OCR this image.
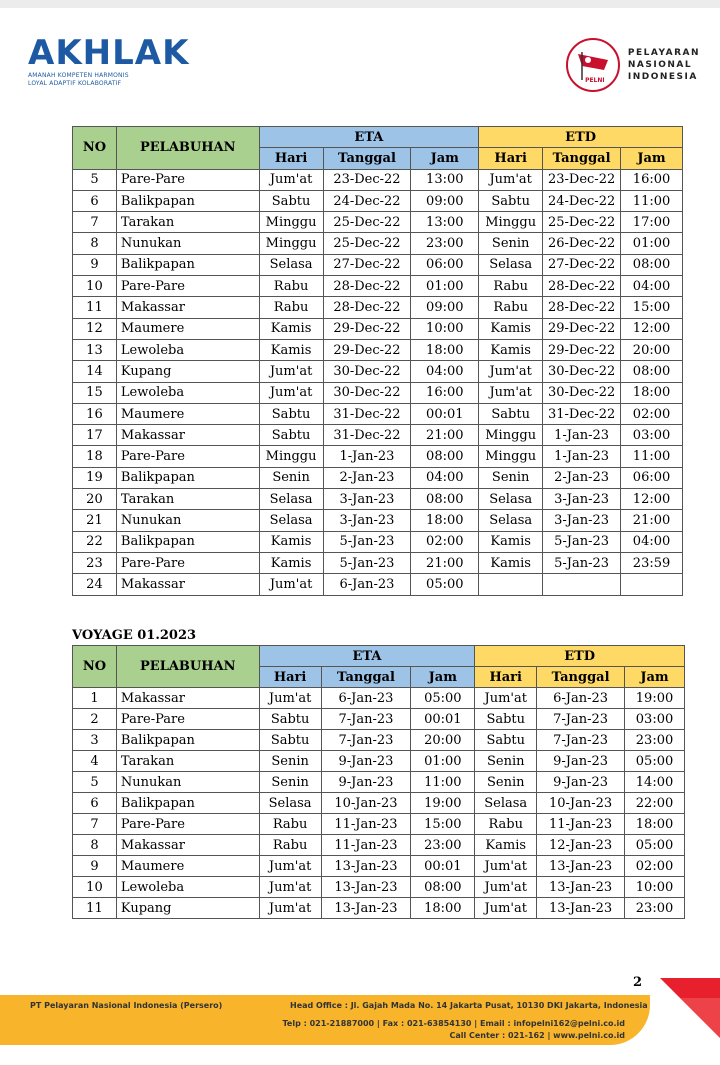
AKHLAK
AMANAH KOMPETEN HARMONIS
LOYAL ADAPTIF KOLABORATIF	PELNI
PELAYARAN
NASIONAL
INDONESIA
NO	PELABUHAN	ETA			ETD		
		Hari	Tanggal	Jam	Hari	Tanggal	Jam
5	Pare-Pare	Jum'at	23-Dec-22	13:00	Jum'at	23-Dec-22	16:00
6	Balikpapan	Sabtu	24-Dec-22	09:00	Sabtu	24-Dec-22	11:00
7	Tarakan	Minggu	25-Dec-22	13:00	Minggu	25-Dec-22	17:00
8	Nunukan	Minggu	25-Dec-22	23:00	Senin	26-Dec-22	01:00
9	Balikpapan	Selasa	27-Dec-22	06:00	Selasa	27-Dec-22	08:00
10	Pare-Pare	Rabu	28-Dec-22	01:00	Rabu	28-Dec-22	04:00
11	Makassar	Rabu	28-Dec-22	09:00	Rabu	28-Dec-22	15:00
12	Maumere	Kamis	29-Dec-22	10:00	Kamis	29-Dec-22	12:00
13	Lewoleba	Kamis	29-Dec-22	18:00	Kamis	29-Dec-22	20:00
14	Kupang	Jum'at	30-Dec-22	04:00	Jum'at	30-Dec-22	08:00
15	Lewoleba	Jum'at	30-Dec-22	16:00	Jum'at	30-Dec-22	18:00
16	Maumere	Sabtu	31-Dec-22	00:01	Sabtu	31-Dec-22	02:00
17	Makassar	Sabtu	31-Dec-22	21:00	Minggu	1-Jan-23	03:00
18	Pare-Pare	Minggu	1-Jan-23	08:00	Minggu	1-Jan-23	11:00
19	Balikpapan	Senin	2-Jan-23	04:00	Senin	2-Jan-23	06:00
20	Tarakan	Selasa	3-Jan-23	08:00	Selasa	3-Jan-23	12:00
21	Nunukan	Selasa	3-Jan-23	18:00	Selasa	3-Jan-23	21:00
22	Balikpapan	Kamis	5-Jan-23	02:00	Kamis	5-Jan-23	04:00
23	Pare-Pare	Kamis	5-Jan-23	21:00	Kamis	5-Jan-23	23:59
24	Makassar	Jum'at	6-Jan-23	05:00			
VOYAGE 01.2023
NO	PELABUHAN	ETA			ETD		
		Hari	Tanggal	Jam	Hari	Tanggal	Jam
1	Makassar	Jum'at	6-Jan-23	05:00	Jum'at	6-Jan-23	19:00
2	Pare-Pare	Sabtu	7-Jan-23	00:01	Sabtu	7-Jan-23	03:00
3	Balikpapan	Sabtu	7-Jan-23	20:00	Sabtu	7-Jan-23	23:00
4	Tarakan	Senin	9-Jan-23	01:00	Senin	9-Jan-23	05:00
5	Nunukan	Senin	9-Jan-23	11:00	Senin	9-Jan-23	14:00
6	Balikpapan	Selasa	10-Jan-23	19:00	Selasa	10-Jan-23	22:00
7	Pare-Pare	Rabu	11-Jan-23	15:00	Rabu	11-Jan-23	18:00
8	Makassar	Rabu	11-Jan-23	23:00	Kamis	12-Jan-23	05:00
9	Maumere	Jum'at	13-Jan-23	00:01	Jum'at	13-Jan-23	02:00
10	Lewoleba	Jum'at	13-Jan-23	08:00	Jum'at	13-Jan-23	10:00
11	Kupang	Jum'at	13-Jan-23	18:00	Jum'at	13-Jan-23	23:00
2
PT Pelayaran Nasional Indonesia (Persero)	Head Office : Jl. Gajah Mada No. 14 Jakarta Pusat, 10130 DKI Jakarta, Indonesia
Telp : 021-21887000 | Fax : 021-63854130 | Email : infopelni162@pelni.co.id
Call Center : 021-162 | www.pelni.co.id
